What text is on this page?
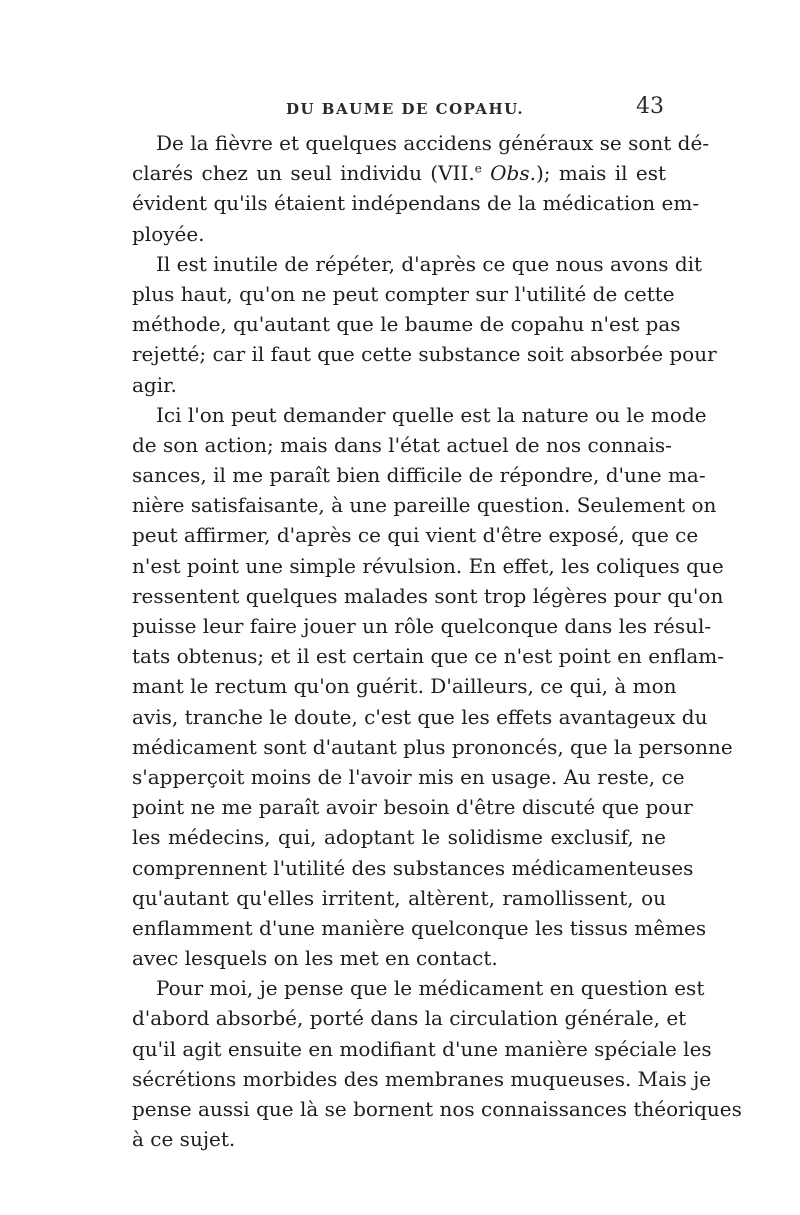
DU BAUME DE COPAHU.	43
De la fièvre et quelques accidens généraux se sont dé-
clarés chez un seul individu (VII.$^e$ Obs.); mais il est
évident qu'ils étaient indépendans de la médication em-
ployée.
Il est inutile de répéter, d'après ce que nous avons dit
plus haut, qu'on ne peut compter sur l'utilité de cette
méthode, qu'autant que le baume de copahu n'est pas
rejetté; car il faut que cette substance soit absorbée pour
agir.
Ici l'on peut demander quelle est la nature ou le mode
de son action; mais dans l'état actuel de nos connais-
sances, il me paraît bien difficile de répondre, d'une ma-
nière satisfaisante, à une pareille question. Seulement on
peut affirmer, d'après ce qui vient d'être exposé, que ce
n'est point une simple révulsion. En effet, les coliques que
ressentent quelques malades sont trop légères pour qu'on
puisse leur faire jouer un rôle quelconque dans les résul-
tats obtenus; et il est certain que ce n'est point en enflam-
mant le rectum qu'on guérit. D'ailleurs, ce qui, à mon
avis, tranche le doute, c'est que les effets avantageux du
médicament sont d'autant plus prononcés, que la personne
s'apperçoit moins de l'avoir mis en usage. Au reste, ce
point ne me paraît avoir besoin d'être discuté que pour
les médecins, qui, adoptant le solidisme exclusif, ne
comprennent l'utilité des substances médicamenteuses
qu'autant qu'elles irritent, altèrent, ramollissent, ou
enflamment d'une manière quelconque les tissus mêmes
avec lesquels on les met en contact.
Pour moi, je pense que le médicament en question est
d'abord absorbé, porté dans la circulation générale, et
qu'il agit ensuite en modifiant d'une manière spéciale les
sécrétions morbides des membranes muqueuses. Mais je
pense aussi que là se bornent nos connaissances théoriques
à ce sujet.
